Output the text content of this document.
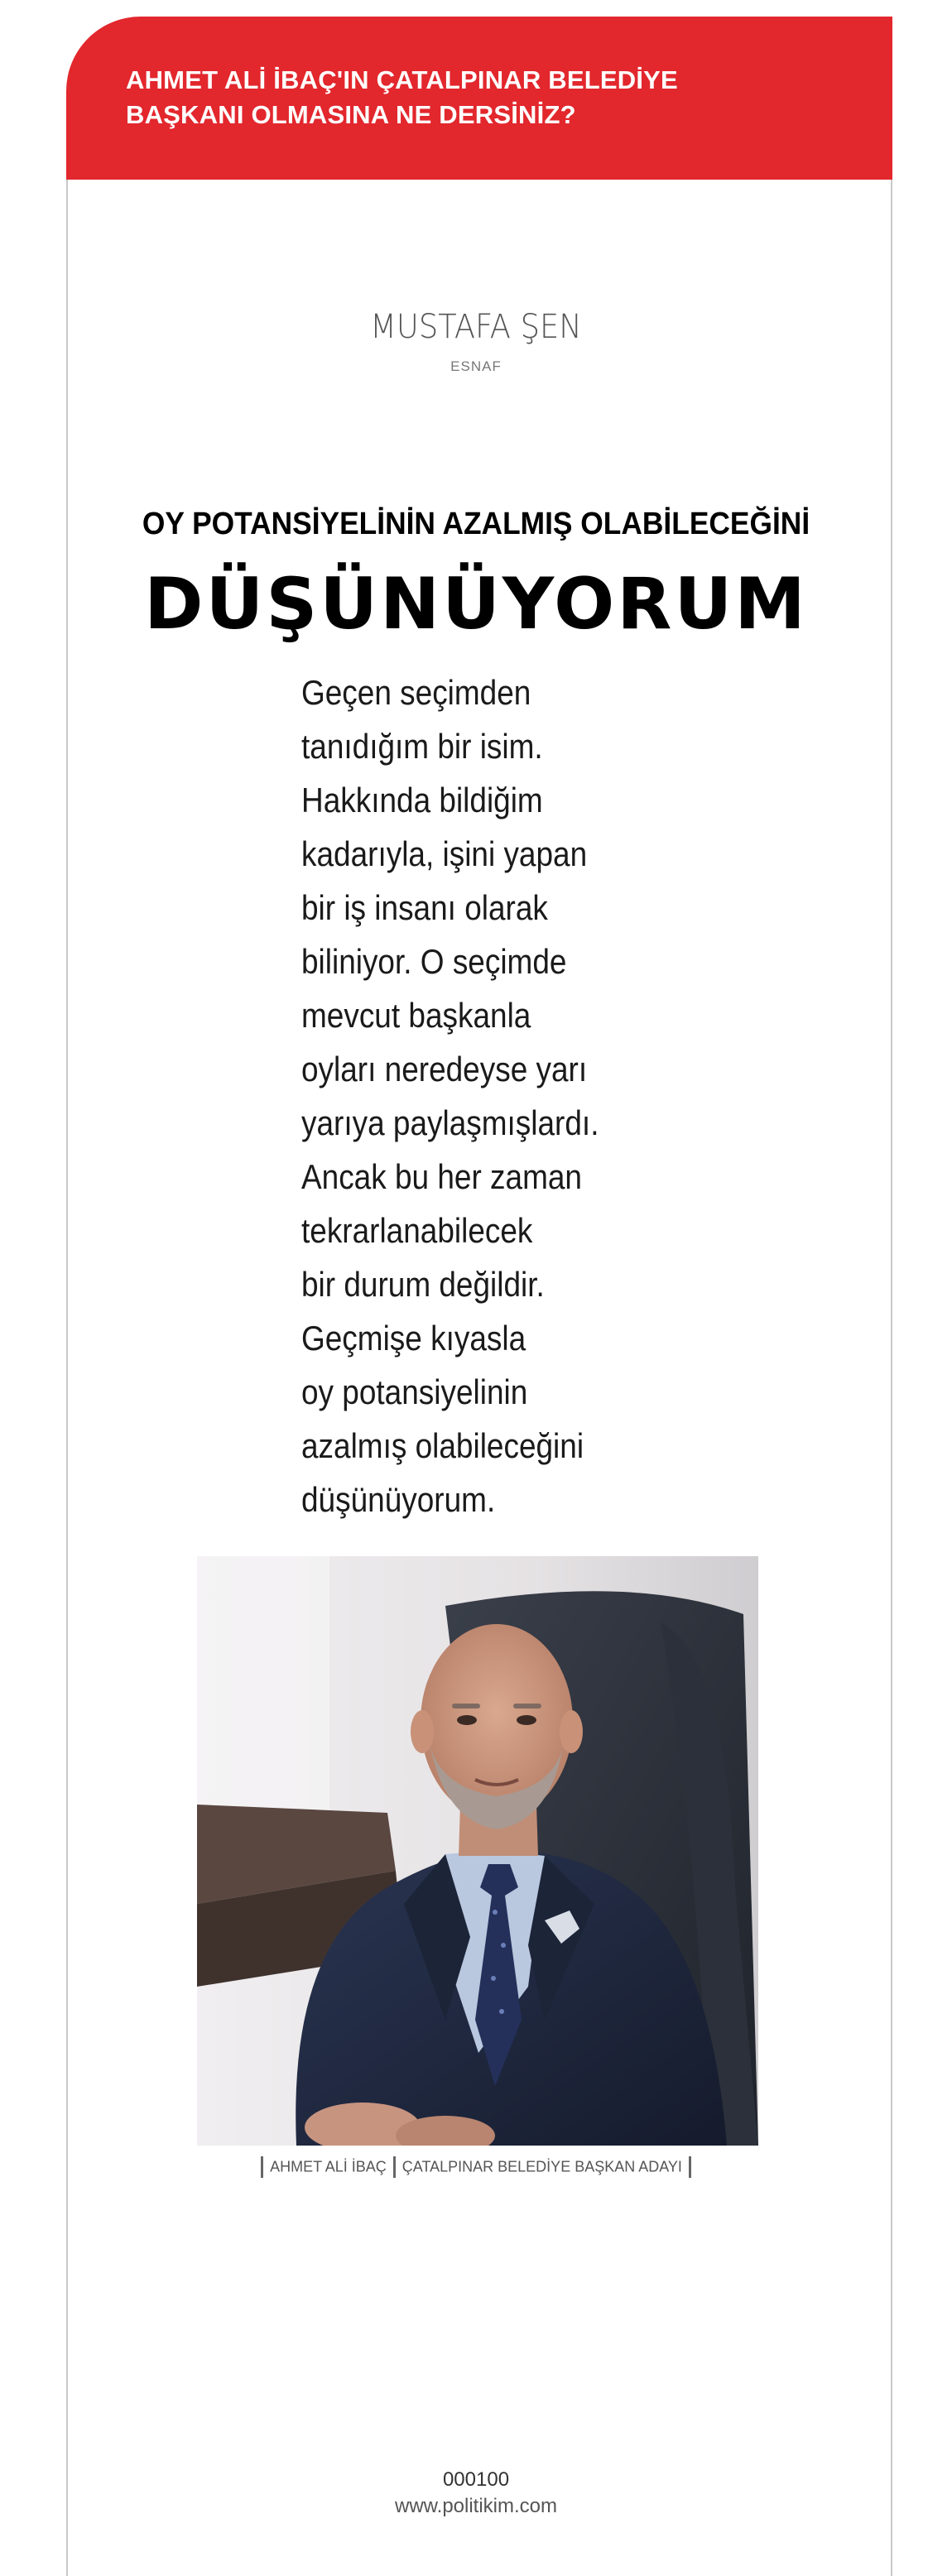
AHMET ALİ İBAÇ'IN ÇATALPINAR BELEDİYE
BAŞKANI OLMASINA NE DERSİNİZ?

MUSTAFA ŞEN
ESNAF
OY POTANSİYELİNİN AZALMIŞ OLABİLECEĞİNİ
DÜŞÜNÜYORUM
Geçen seçimden
tanıdığım bir isim.
Hakkında bildiğim
kadarıyla, işini yapan
bir iş insanı olarak
biliniyor. O seçimde
mevcut başkanla
oyları neredeyse yarı
yarıya paylaşmışlardı.
Ancak bu her zaman
tekrarlanabilecek
bir durum değildir.
Geçmişe kıyasla
oy potansiyelinin
azalmış olabileceğini
düşünüyorum.
AHMET ALİ İBAÇ ÇATALPINAR BELEDİYE BAŞKAN ADAYI
000100
www.politikim.com
